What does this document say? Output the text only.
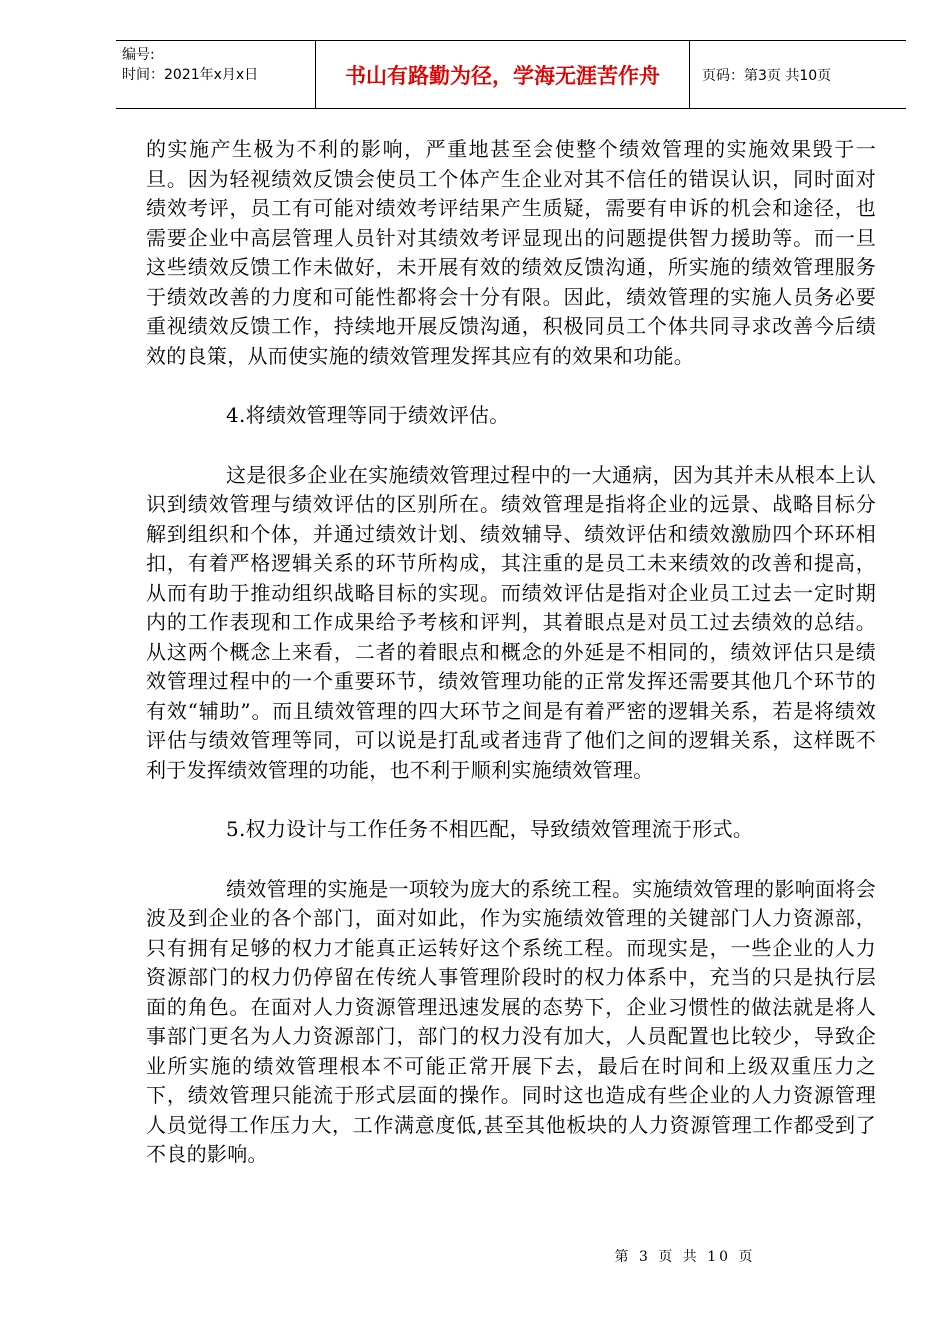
编号:
时间：2021年x月x日	书山有路勤为径，学海无涯苦作舟	页码：第3页 共10页

的实施产生极为不利的影响，严重地甚至会使整个绩效管理的实施效果毁于一旦。因为轻视绩效反馈会使员工个体产生企业对其不信任的错误认识，同时面对绩效考评，员工有可能对绩效考评结果产生质疑，需要有申诉的机会和途径，也需要企业中高层管理人员针对其绩效考评显现出的问题提供智力援助等。而一旦这些绩效反馈工作未做好，未开展有效的绩效反馈沟通，所实施的绩效管理服务于绩效改善的力度和可能性都将会十分有限。因此，绩效管理的实施人员务必要重视绩效反馈工作，持续地开展反馈沟通，积极同员工个体共同寻求改善今后绩效的良策，从而使实施的绩效管理发挥其应有的效果和功能。

4.将绩效管理等同于绩效评估。

这是很多企业在实施绩效管理过程中的一大通病，因为其并未从根本上认识到绩效管理与绩效评估的区别所在。绩效管理是指将企业的远景、战略目标分解到组织和个体，并通过绩效计划、绩效辅导、绩效评估和绩效激励四个环环相扣，有着严格逻辑关系的环节所构成，其注重的是员工未来绩效的改善和提高，从而有助于推动组织战略目标的实现。而绩效评估是指对企业员工过去一定时期内的工作表现和工作成果给予考核和评判，其着眼点是对员工过去绩效的总结。从这两个概念上来看，二者的着眼点和概念的外延是不相同的，绩效评估只是绩效管理过程中的一个重要环节，绩效管理功能的正常发挥还需要其他几个环节的有效“辅助”。而且绩效管理的四大环节之间是有着严密的逻辑关系，若是将绩效评估与绩效管理等同，可以说是打乱或者违背了他们之间的逻辑关系，这样既不利于发挥绩效管理的功能，也不利于顺利实施绩效管理。

5.权力设计与工作任务不相匹配，导致绩效管理流于形式。

绩效管理的实施是一项较为庞大的系统工程。实施绩效管理的影响面将会波及到企业的各个部门，面对如此，作为实施绩效管理的关键部门人力资源部，只有拥有足够的权力才能真正运转好这个系统工程。而现实是，一些企业的人力资源部门的权力仍停留在传统人事管理阶段时的权力体系中，充当的只是执行层面的角色。在面对人力资源管理迅速发展的态势下，企业习惯性的做法就是将人事部门更名为人力资源部门，部门的权力没有加大，人员配置也比较少，导致企业所实施的绩效管理根本不可能正常开展下去，最后在时间和上级双重压力之下，绩效管理只能流于形式层面的操作。同时这也造成有些企业的人力资源管理人员觉得工作压力大，工作满意度低,甚至其他板块的人力资源管理工作都受到了不良的影响。

第 3 页 共 10 页
